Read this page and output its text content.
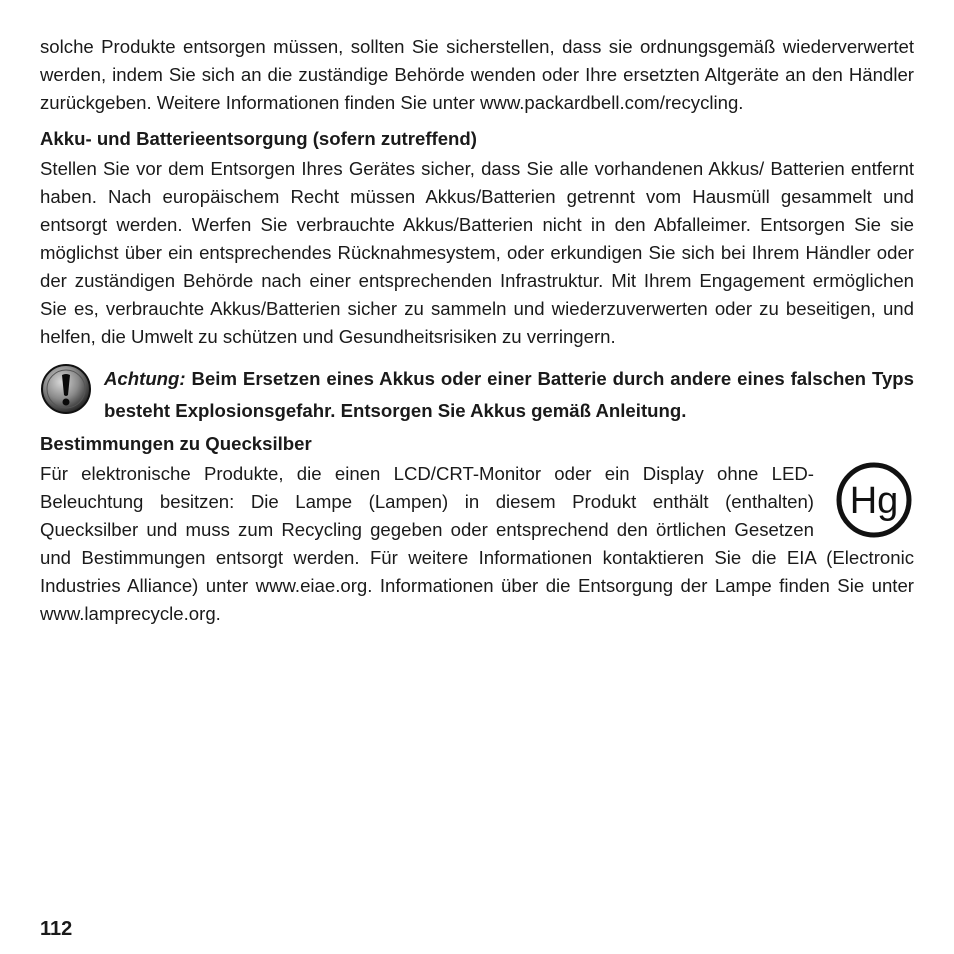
solche Produkte entsorgen müssen, sollten Sie sicherstellen, dass sie ordnungsgemäß wiederverwertet werden, indem Sie sich an die zuständige Behörde wenden oder Ihre ersetzten Altgeräte an den Händler zurückgeben. Weitere Informationen finden Sie unter www.packardbell.com/recycling.

Akku- und Batterieentsorgung (sofern zutreffend)

Stellen Sie vor dem Entsorgen Ihres Gerätes sicher, dass Sie alle vorhandenen Akkus/ Batterien entfernt haben. Nach europäischem Recht müssen Akkus/Batterien getrennt vom Hausmüll gesammelt und entsorgt werden. Werfen Sie verbrauchte Akkus/Batterien nicht in den Abfalleimer. Entsorgen Sie sie möglichst über ein entsprechendes Rücknahmesystem, oder erkundigen Sie sich bei Ihrem Händler oder der zuständigen Behörde nach einer entsprechenden Infrastruktur. Mit Ihrem Engagement ermöglichen Sie es, verbrauchte Akkus/Batterien sicher zu sammeln und wiederzuverwerten oder zu beseitigen, und helfen, die Umwelt zu schützen und Gesundheitsrisiken zu verringern.

Achtung: Beim Ersetzen eines Akkus oder einer Batterie durch andere eines falschen Typs besteht Explosionsgefahr. Entsorgen Sie Akkus gemäß Anleitung.

Bestimmungen zu Quecksilber
Hg

Für elektronische Produkte, die einen LCD/CRT-Monitor oder ein Display ohne LED-Beleuchtung besitzen: Die Lampe (Lampen) in diesem Produkt enthält (enthalten) Quecksilber und muss zum Recycling gegeben oder entsprechend den örtlichen Gesetzen und Bestimmungen entsorgt werden. Für weitere Informationen kontaktieren Sie die EIA (Electronic Industries Alliance) unter www.eiae.org. Informationen über die Entsorgung der Lampe finden Sie unter www.lamprecycle.org.

112
